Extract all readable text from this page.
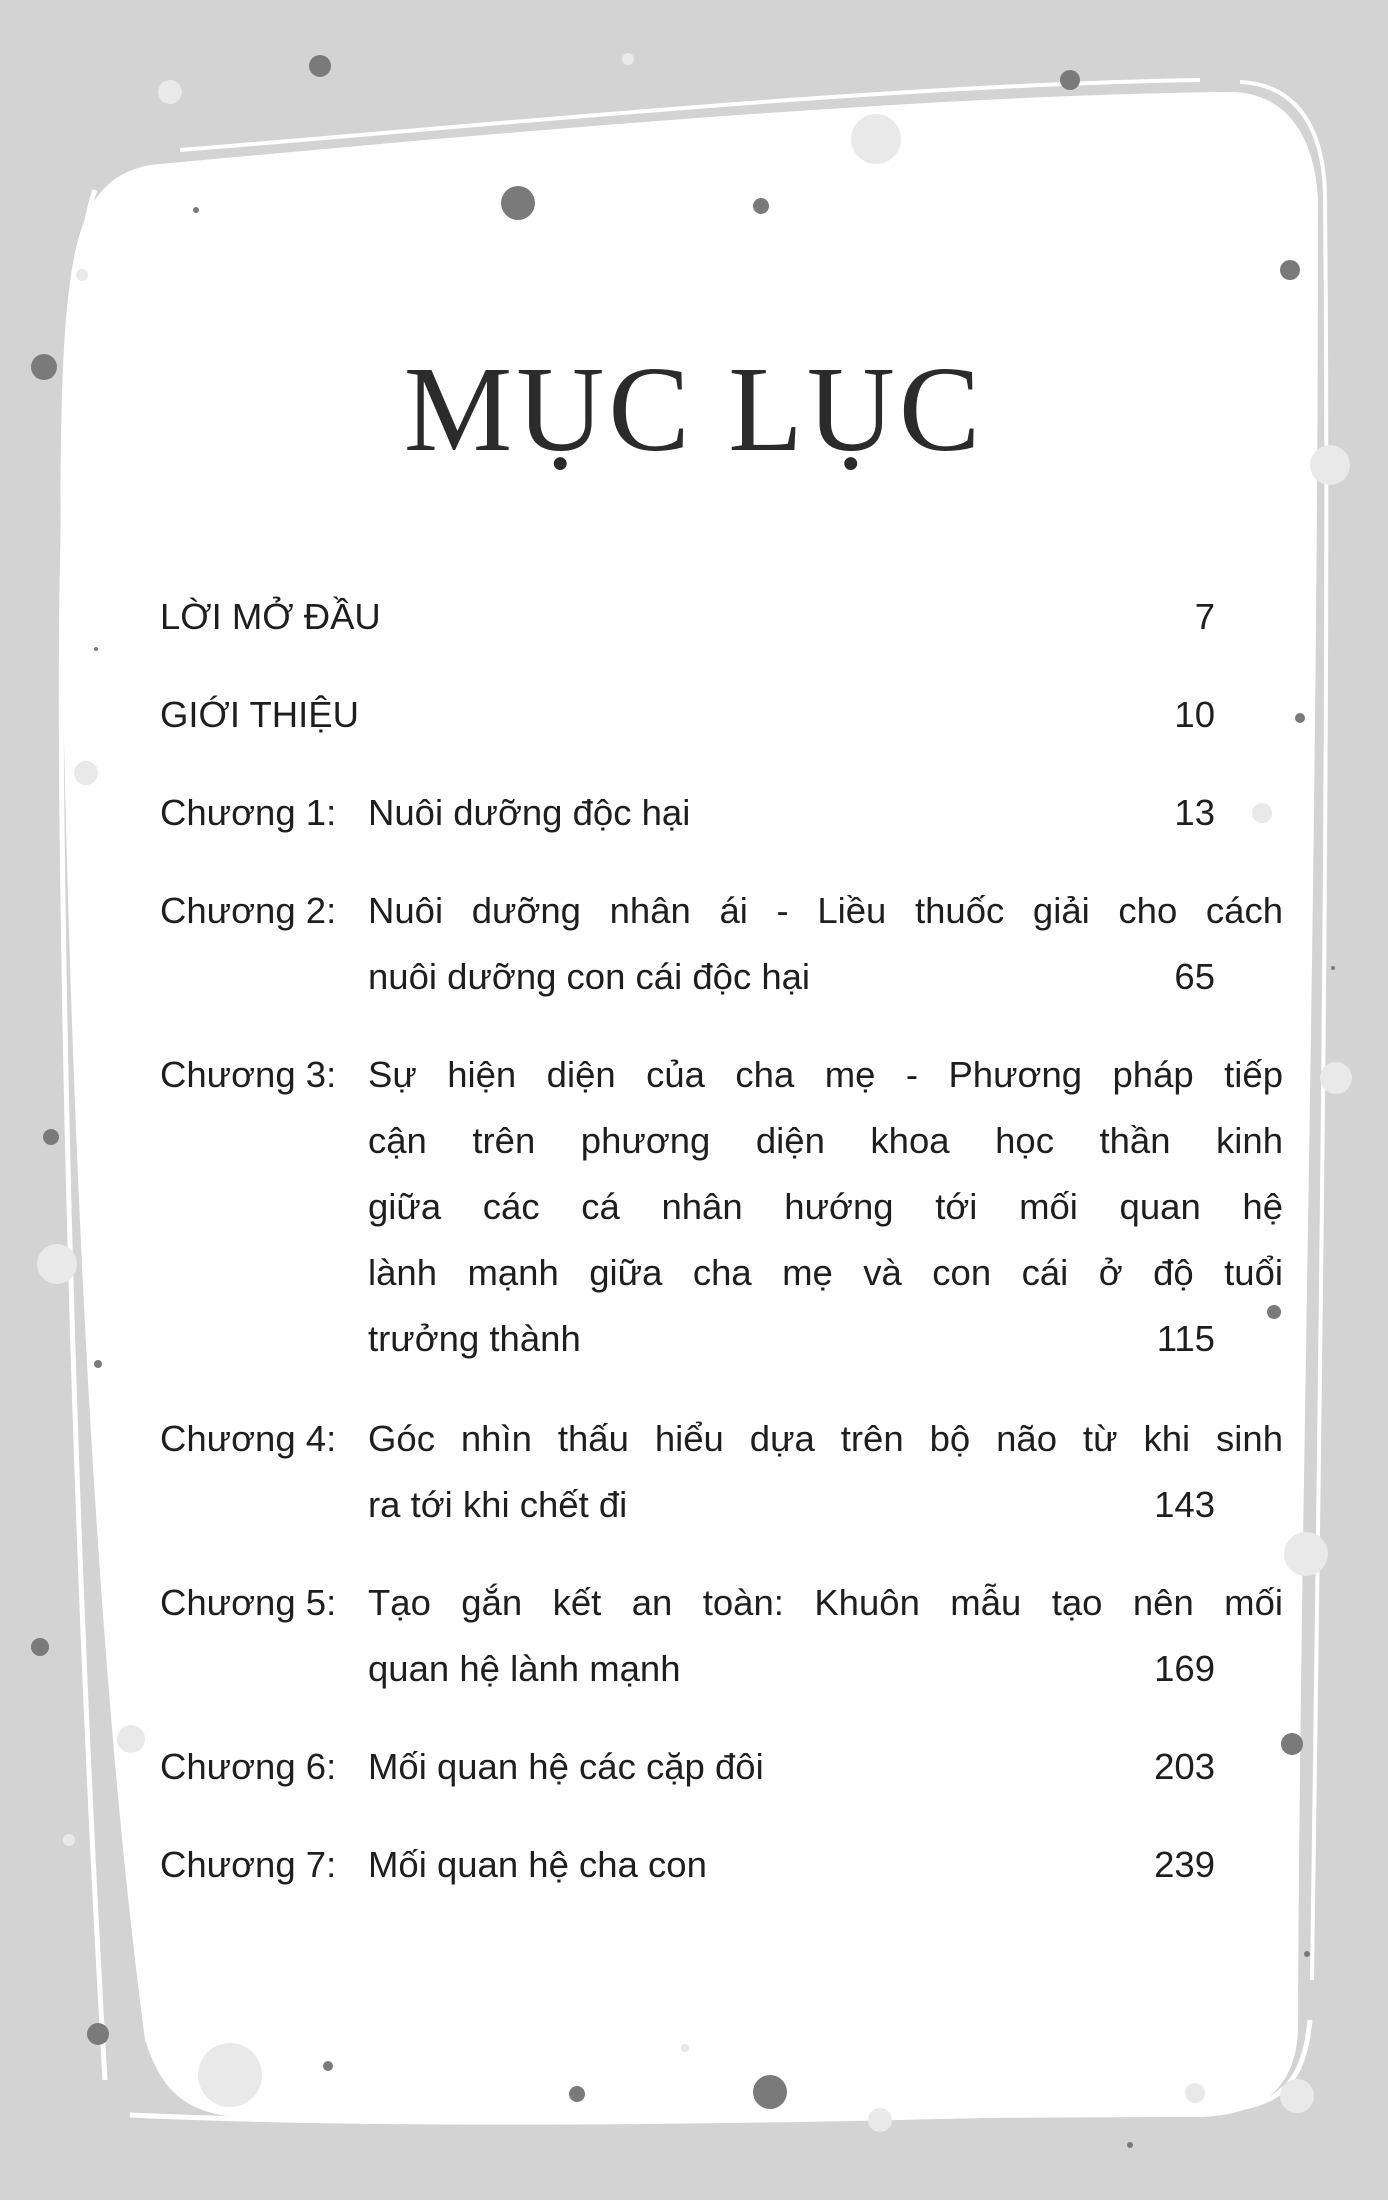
MỤC LỤC
LỜI MỞ ĐẦU	7
GIỚI THIỆU	10
Chương 1: Nuôi dưỡng độc hại	13
Chương 2: Nuôi dưỡng nhân ái - Liều thuốc giải cho cách
nuôi dưỡng con cái độc hại	65
Chương 3: Sự hiện diện của cha mẹ - Phương pháp tiếp
cận trên phương diện khoa học thần kinh
giữa các cá nhân hướng tới mối quan hệ
lành mạnh giữa cha mẹ và con cái ở độ tuổi
trưởng thành	115
Chương 4: Góc nhìn thấu hiểu dựa trên bộ não từ khi sinh
ra tới khi chết đi	143
Chương 5: Tạo gắn kết an toàn: Khuôn mẫu tạo nên mối
quan hệ lành mạnh	169
Chương 6: Mối quan hệ các cặp đôi	203
Chương 7: Mối quan hệ cha con	239
